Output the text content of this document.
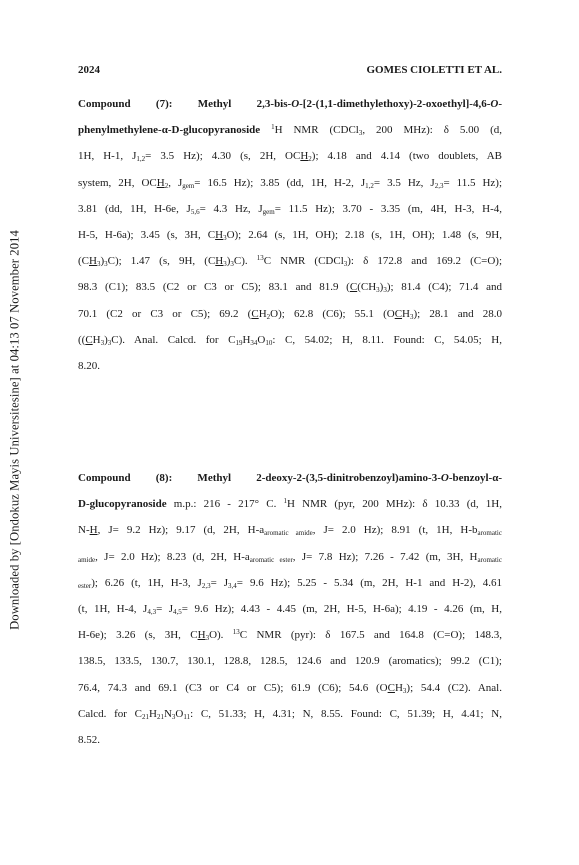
Downloaded by [Ondokuz Mayis Universitesine] at 04:13 07 November 2014
2024	GOMES CIOLETTI ET AL.
Compound (7): Methyl 2,3-bis-O-[2-(1,1-dimethylethoxy)-2-oxoethyl]-4,6-O-
phenylmethylene-α-D-glucopyranoside $^1$H NMR (CDCl$_3$, 200 MHz): δ 5.00 (d,
1H, H-1, $J_{1,2}= 3.5$ Hz); 4.30 (s, 2H, $OCH_2$); 4.18 and 4.14 (two doublets, AB
system, 2H, $OCH_2$, $J_{gem}= 16.5$ Hz); 3.85 (dd, 1H, H-2, $J_{1,2}= 3.5$ Hz, $J_{2,3}= 11.5$ Hz);
3.81 (dd, 1H, H-6e, $J_{5,6}= 4.3$ Hz, $J_{gem}= 11.5$ Hz); 3.70 - 3.35 (m, 4H, H-3, H-4,
H-5, H-6a); 3.45 (s, 3H, $CH_3O$); 2.64 (s, 1H, OH); 2.18 (s, 1H, OH); 1.48 (s, 9H,
$(CH_3)_3C$); 1.47 (s, 9H, $(CH_3)_3C$). $^{13}$C NMR (CDCl$_3$): δ 172.8 and 169.2 (C=O);
98.3 (C1); 83.5 (C2 or C3 or C5); 83.1 and 81.9 $(C(CH_3)_3)$; 81.4 (C4); 71.4 and
70.1 (C2 or C3 or C5); 69.2 $(CH_2O)$; 62.8 (C6); 55.1 $(OCH_3)$; 28.1 and 28.0
$((CH_3)_3C)$. Anal. Calcd. for $C_{19}H_{34}O_{10}$: C, 54.02; H, 8.11. Found: C, 54.05; H,
8.20.
Compound (8): Methyl 2-deoxy-2-(3,5-dinitrobenzoyl)amino-3-O-benzoyl-α-
D-glucopyranoside m.p.: 216 - 217° C. $^1$H NMR (pyr, 200 MHz): δ 10.33 (d, 1H,
N-H, J= 9.2 Hz); 9.17 (d, 2H, $H-a_{aromatic amide}$, J= 2.0 Hz); 8.91 (t, 1H, $H-b_{aromatic}$
$_{amide}$, J= 2.0 Hz); 8.23 (d, 2H, $H-a_{aromatic ester}$, J= 7.8 Hz); 7.26 - 7.42 (m, 3H, $H_{aromatic}$
$_{ester}$); 6.26 (t, 1H, H-3, $J_{2,3}= J_{3,4}= 9.6$ Hz); 5.25 - 5.34 (m, 2H, H-1 and H-2), 4.61
(t, 1H, H-4, $J_{4,3}= J_{4,5}= 9.6$ Hz); 4.43 - 4.45 (m, 2H, H-5, H-6a); 4.19 - 4.26 (m, H,
H-6e); 3.26 (s, 3H, $CH_3O$). $^{13}$C NMR (pyr): δ 167.5 and 164.8 (C=O); 148.3,
138.5, 133.5, 130.7, 130.1, 128.8, 128.5, 124.6 and 120.9 (aromatics); 99.2 (C1);
76.4, 74.3 and 69.1 (C3 or C4 or C5); 61.9 (C6); 54.6 $(OCH_3)$; 54.4 (C2). Anal.
Calcd. for $C_{21}H_{21}N_3O_{11}$: C, 51.33; H, 4.31; N, 8.55. Found: C, 51.39; H, 4.41; N,
8.52.
